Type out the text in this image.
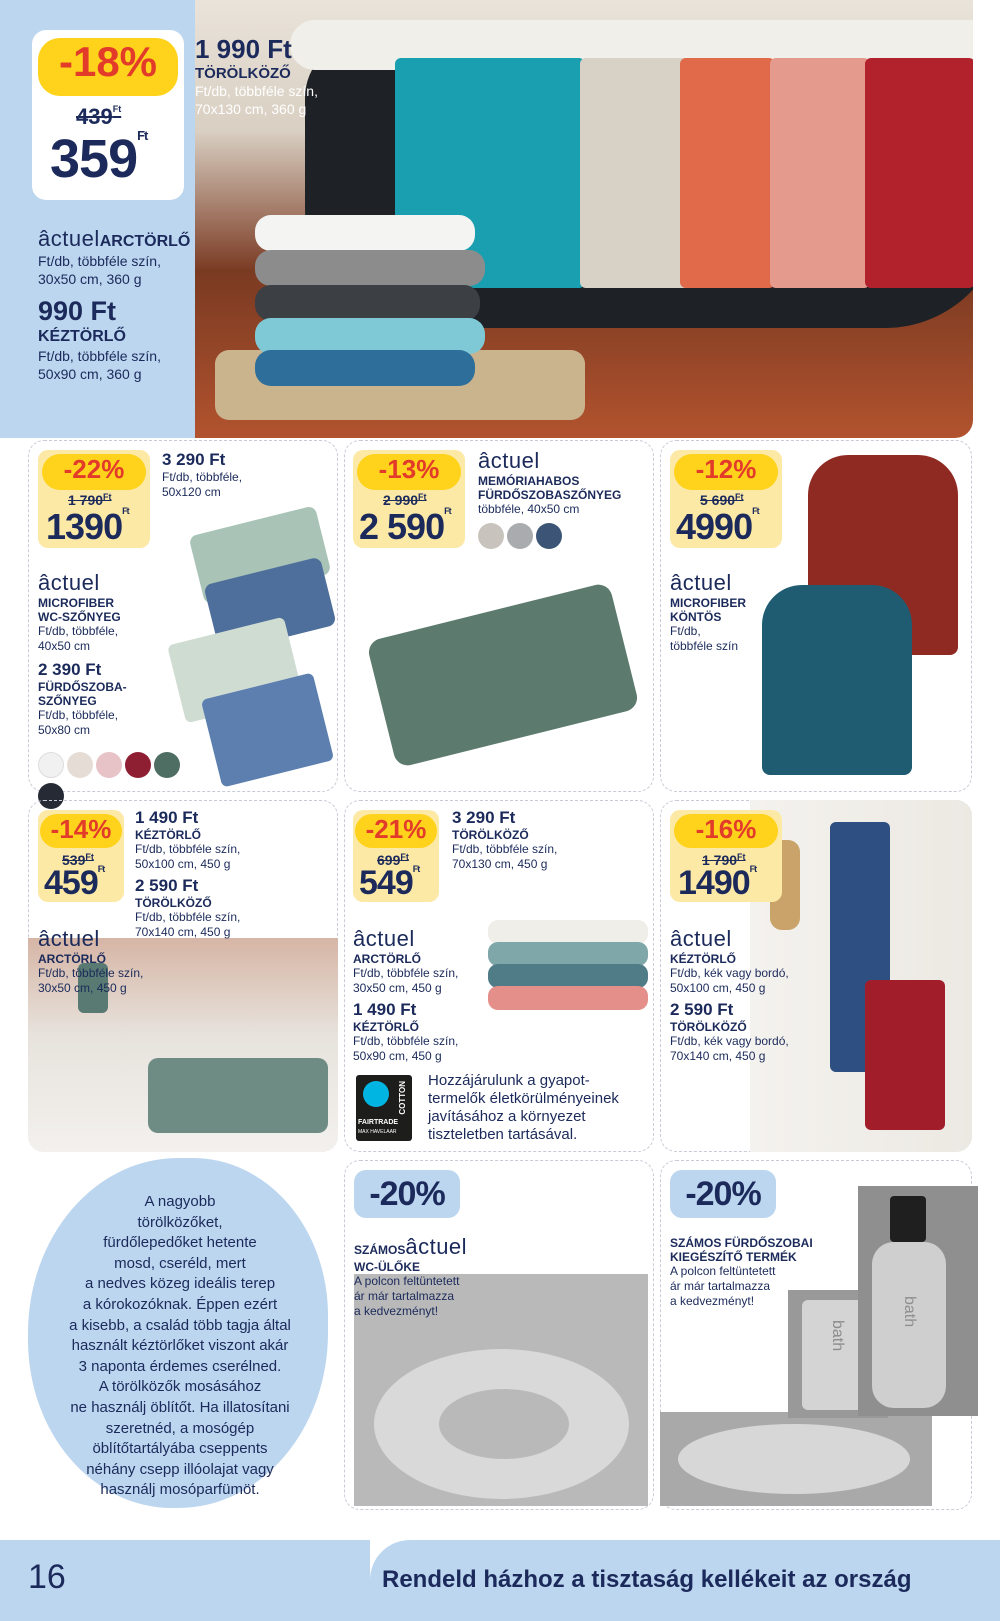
-18%
$439^{Ft}$
$359^{Ft}$
1 990 Ft
TÖRÖLKÖZŐ
Ft/db, többféle szín,
70x130 cm, 360 g
âctuelARCTÖRLŐ
Ft/db, többféle szín,
30x50 cm, 360 g
990 Ft
KÉZTÖRLŐ
Ft/db, többféle szín,
50x90 cm, 360 g
-22%
1 $790^{Ft}$
$1390^{Ft}$
3 290 Ft
Ft/db, többféle,
50x120 cm
âctuel
MICROFIBER
WC-SZŐNYEG
Ft/db, többféle,
40x50 cm
2 390 Ft
FÜRDŐSZOBA-
SZŐNYEG
Ft/db, többféle,
50x80 cm
-13%
2 $990^{Ft}$
2 $590^{Ft}$
âctuel
MEMÓRIAHABOS
FÜRDŐSZOBASZŐNYEG
többféle, 40x50 cm
-12%
5 $690^{Ft}$
$4990^{Ft}$
âctuel
MICROFIBER
KÖNTÖS
Ft/db,
többféle szín
-14%
$539^{Ft}$
$459^{Ft}$
1 490 Ft
KÉZTÖRLŐ
Ft/db, többféle szín,
50x100 cm, 450 g
2 590 Ft
TÖRÖLKÖZŐ
Ft/db, többféle szín,
70x140 cm, 450 g
âctuel
ARCTÖRLŐ
Ft/db, többféle szín,
30x50 cm, 450 g
-21%
$699^{Ft}$
$549^{Ft}$
3 290 Ft
TÖRÖLKÖZŐ
Ft/db, többféle szín,
70x130 cm, 450 g
âctuel
ARCTÖRLŐ
Ft/db, többféle szín,
30x50 cm, 450 g
1 490 Ft
KÉZTÖRLŐ
Ft/db, többféle szín,
50x90 cm, 450 g
FAIRTRADE
MAX HAVELAAR
COTTON
Hozzájárulunk a gyapot-
termelők életkörülményeinek
javításához a környezet
tiszteletben tartásával.
-16%
1 $790^{Ft}$
$1490^{Ft}$
âctuel
KÉZTÖRLŐ
Ft/db, kék vagy bordó,
50x100 cm, 450 g
2 590 Ft
TÖRÖLKÖZŐ
Ft/db, kék vagy bordó,
70x140 cm, 450 g
A nagyobb
törölközőket,
fürdőlepedőket hetente
mosd, cseréld, mert
a nedves közeg ideális terep
a kórokozóknak. Éppen ezért
a kisebb, a család több tagja által
használt kéztörlőket viszont akár
3 naponta érdemes cserélned.
A törölközők mosásához
ne használj öblítőt. Ha illatosítani
szeretnéd, a mosógép
öblítőtartályába cseppents
néhány csepp illóolajat vagy
használj mosóparfümöt.
-20%
SZÁMOSâctuel
WC-ÜLŐKE
A polcon feltüntetett
ár már tartalmazza
a kedvezményt!
bath
bath
-20%
SZÁMOS FÜRDŐSZOBAI
KIEGÉSZÍTŐ TERMÉK
A polcon feltüntetett
ár már tartalmazza
a kedvezményt!
16	Rendeld házhoz a tisztaság kellékeit az ország
